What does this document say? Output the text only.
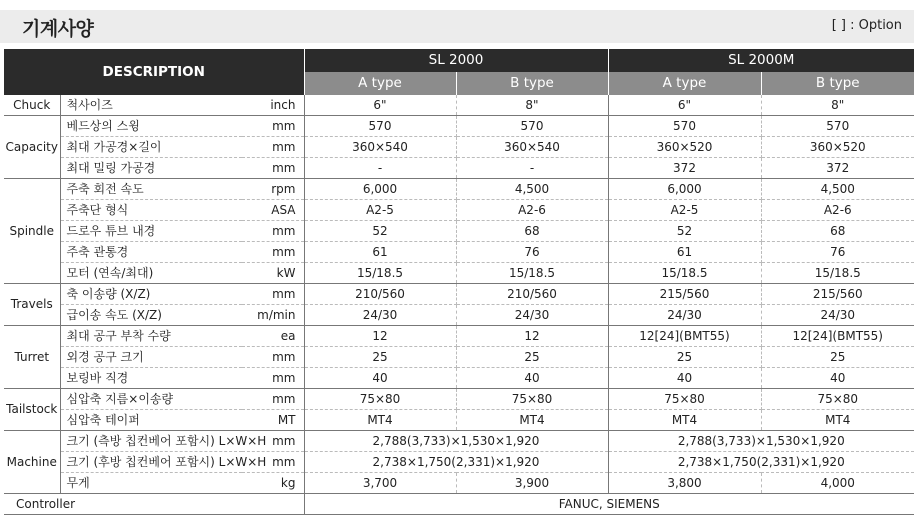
기계사양	[ ] : Option
DESCRIPTION			SL 2000		SL 2000M	
			A type	B type	A type	B type
Chuck	척사이즈	inch	6"	8"	6"	8"
Capacity	베드상의 스윙	mm	570	570	570	570
	최대 가공경×길이	mm	360×540	360×540	360×520	360×520
	최대 밀링 가공경	mm	-	-	372	372
Spindle	주축 회전 속도	rpm	6,000	4,500	6,000	4,500
	주축단 형식	ASA	A2-5	A2-6	A2-5	A2-6
	드로우 튜브 내경	mm	52	68	52	68
	주축 관통경	mm	61	76	61	76
	모터 (연속/최대)	kW	15/18.5	15/18.5	15/18.5	15/18.5
Travels	축 이송량 (X/Z)	mm	210/560	210/560	215/560	215/560
	급이송 속도 (X/Z)	m/min	24/30	24/30	24/30	24/30
Turret	최대 공구 부착 수량	ea	12	12	12[24](BMT55)	12[24](BMT55)
	외경 공구 크기	mm	25	25	25	25
	보링바 직경	mm	40	40	40	40
Tailstock	심압축 지름×이송량	mm	75×80	75×80	75×80	75×80
	심압축 테이퍼	MT	MT4	MT4	MT4	MT4
Machine	크기 (측방 칩컨베어 포함시) L×W×H	mm	2,788(3,733)×1,530×1,920		2,788(3,733)×1,530×1,920	
	크기 (후방 칩컨베어 포함시) L×W×H	mm	2,738×1,750(2,331)×1,920		2,738×1,750(2,331)×1,920	
	무게	kg	3,700	3,900	3,800	4,000
Controller			FANUC, SIEMENS			
